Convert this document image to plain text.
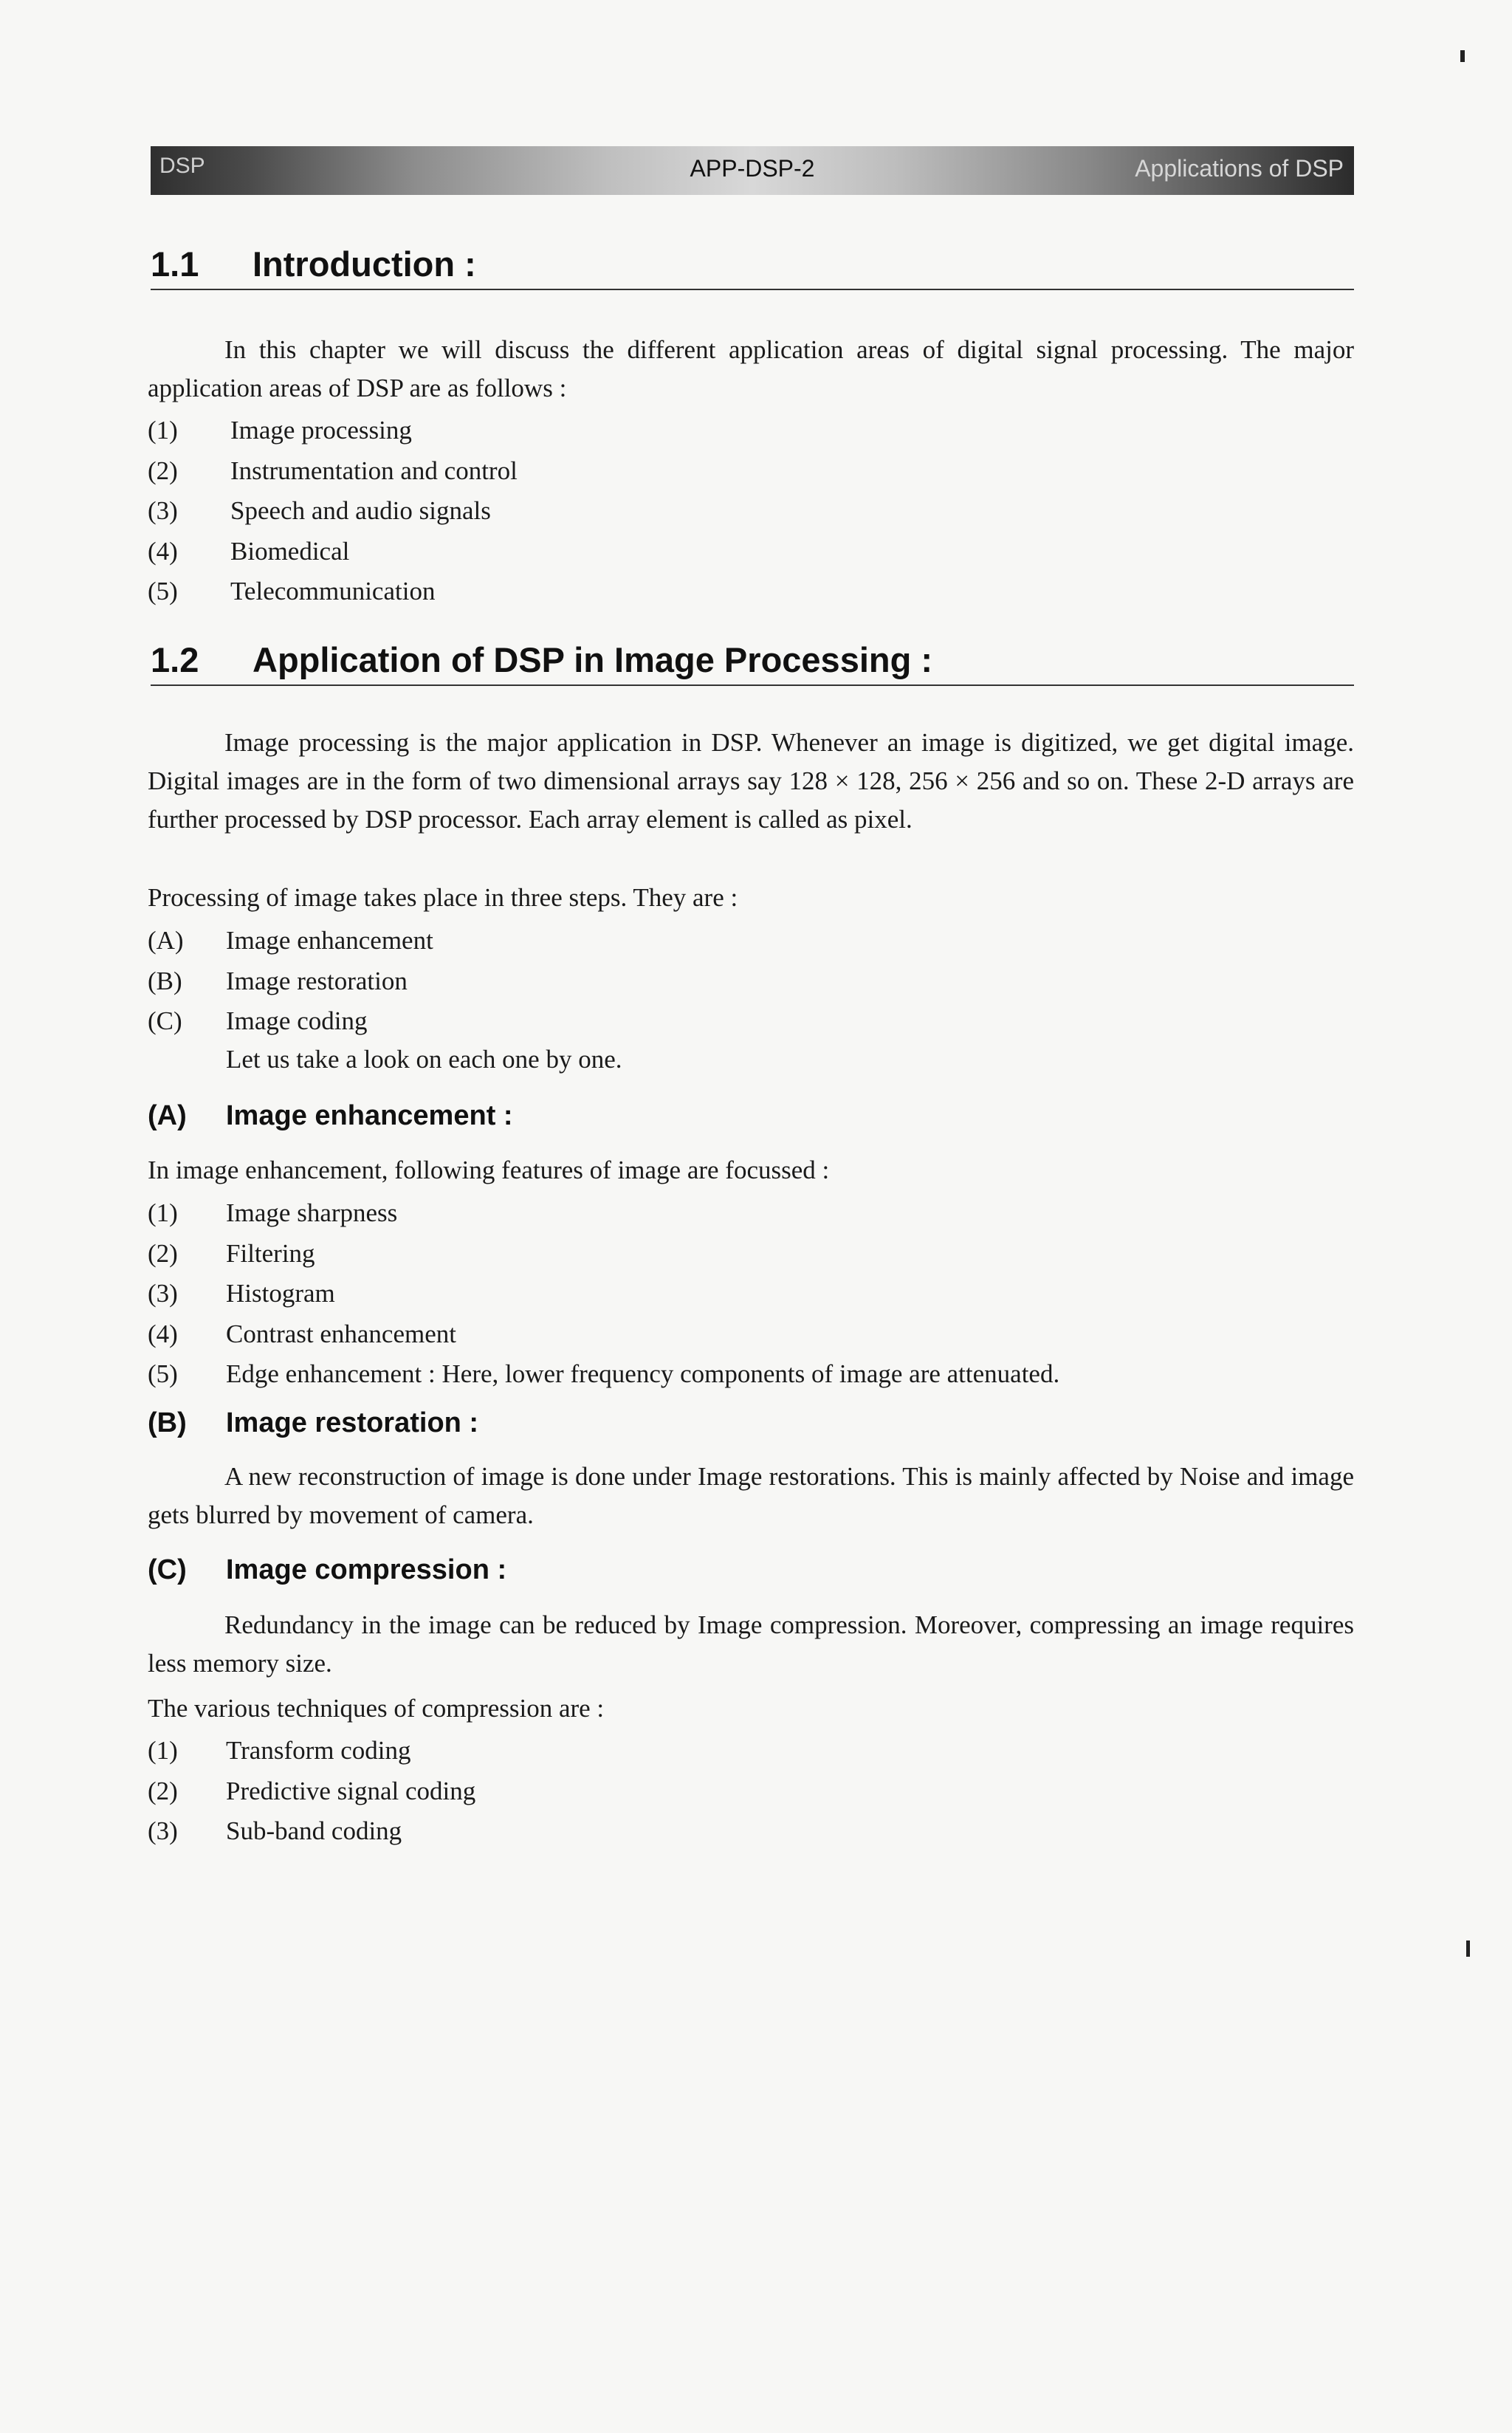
DSP	APP-DSP-2	Applications of DSP
1.1 Introduction :

In this chapter we will discuss the different application areas of digital signal processing. The major application areas of DSP are as follows :

(1) Image processing
(2) Instrumentation and control
(3) Speech and audio signals
(4) Biomedical
(5) Telecommunication
1.2 Application of DSP in Image Processing :

Image processing is the major application in DSP. Whenever an image is digitized, we get digital image. Digital images are in the form of two dimensional arrays say 128 × 128, 256 × 256 and so on. These 2-D arrays are further processed by DSP processor. Each array element is called as pixel.

Processing of image takes place in three steps. They are :
(A) Image enhancement
(B) Image restoration
(C) Image coding
Let us take a look on each one by one.
(A) Image enhancement :
In image enhancement, following features of image are focussed :
(1) Image sharpness
(2) Filtering
(3) Histogram
(4) Contrast enhancement
(5) Edge enhancement : Here, lower frequency components of image are attenuated.
(B) Image restoration :

A new reconstruction of image is done under Image restorations. This is mainly affected by Noise and image gets blurred by movement of camera.

(C) Image compression :

Redundancy in the image can be reduced by Image compression. Moreover, compressing an image requires less memory size.

The various techniques of compression are :
(1) Transform coding
(2) Predictive signal coding
(3) Sub-band coding
